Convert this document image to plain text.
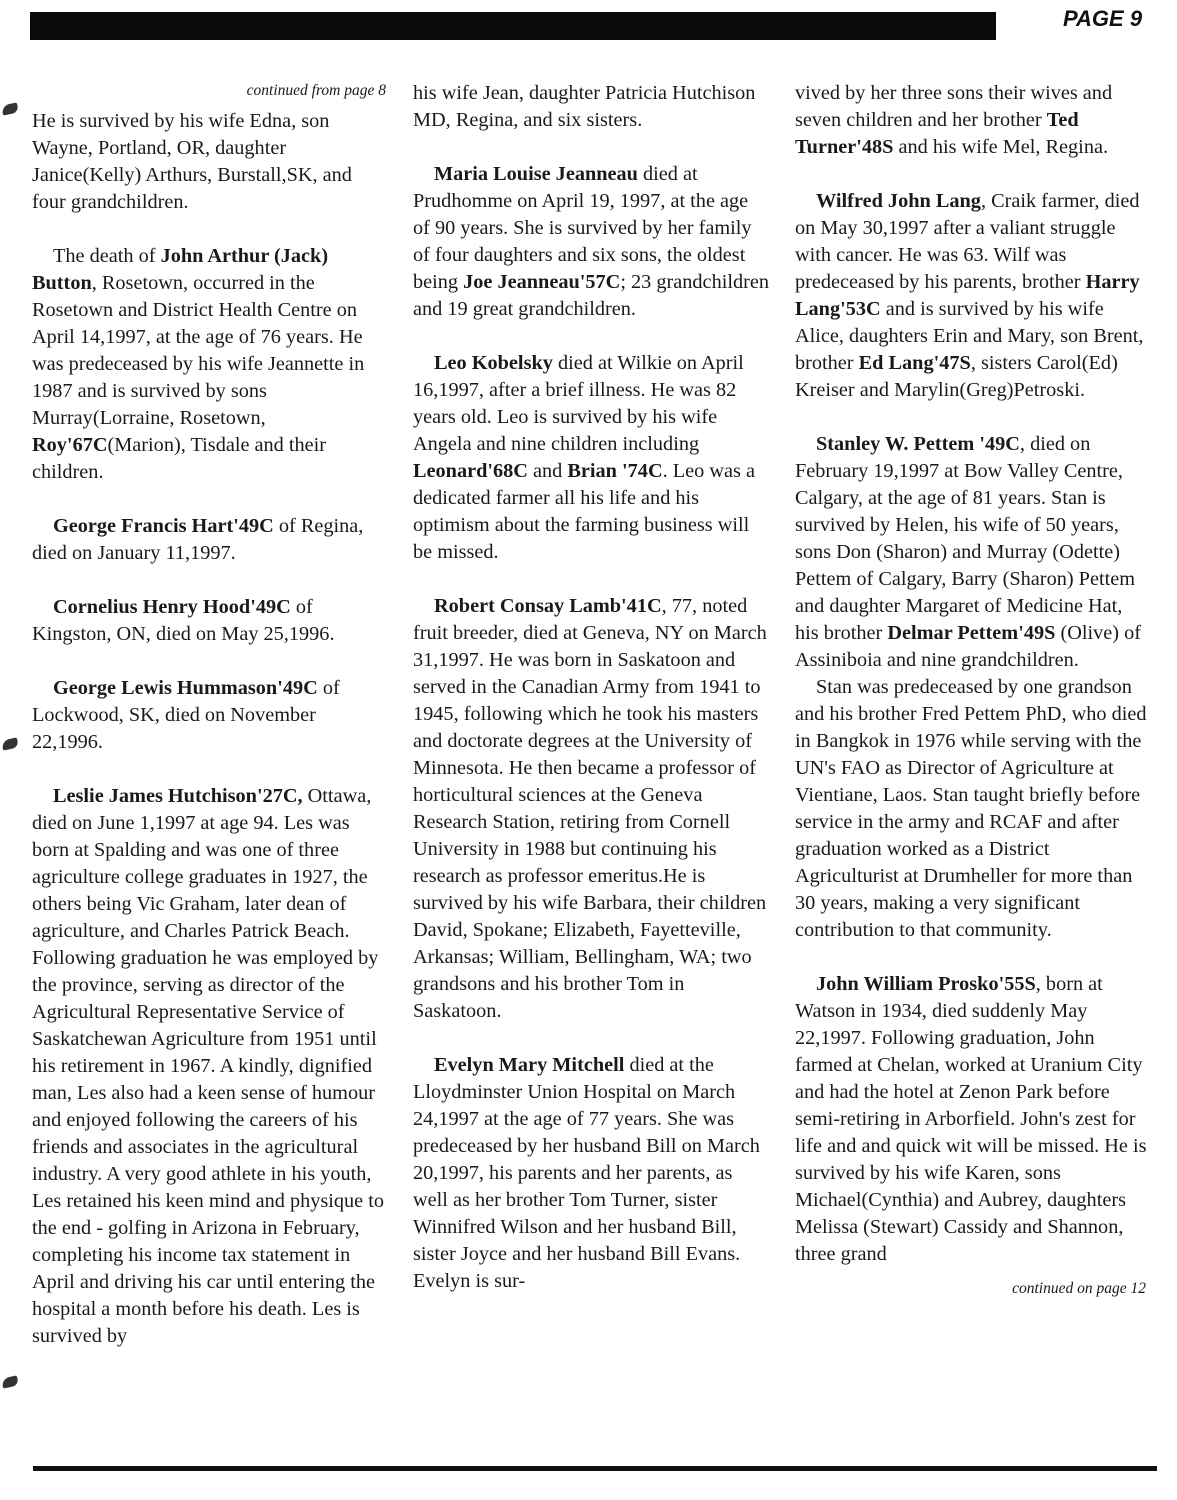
PAGE 9
continued from page 8

He is survived by his wife Edna, son Wayne, Portland, OR, daughter Janice(Kelly) Arthurs, Burstall,SK, and four grandchildren.

The death of John Arthur (Jack) Button, Rosetown, occurred in the Rosetown and District Health Centre on April 14,1997, at the age of 76 years. He was predeceased by his wife Jeannette in 1987 and is survived by sons Murray(Lorraine, Rosetown, Roy'67C(Marion), Tisdale and their children.

George Francis Hart'49C of Regina, died on January 11,1997.

Cornelius Henry Hood'49C of Kingston, ON, died on May 25,1996.

George Lewis Hummason'49C of Lockwood, SK, died on November 22,1996.

Leslie James Hutchison'27C, Ottawa, died on June 1,1997 at age 94. Les was born at Spalding and was one of three agriculture college graduates in 1927, the others being Vic Graham, later dean of agriculture, and Charles Patrick Beach. Following graduation he was employed by the province, serving as director of the Agricultural Representative Service of Saskatchewan Agriculture from 1951 until his retirement in 1967. A kindly, dignified man, Les also had a keen sense of humour and enjoyed following the careers of his friends and associates in the agricultural industry. A very good athlete in his youth, Les retained his keen mind and physique to the end - golfing in Arizona in February, completing his income tax statement in April and driving his car until entering the hospital a month before his death. Les is survived by

his wife Jean, daughter Patricia Hutchison MD, Regina, and six sisters.

Maria Louise Jeanneau died at Prudhomme on April 19, 1997, at the age of 90 years. She is survived by her family of four daughters and six sons, the oldest being Joe Jeanneau'57C; 23 grandchildren and 19 great grandchildren.

Leo Kobelsky died at Wilkie on April 16,1997, after a brief illness. He was 82 years old. Leo is survived by his wife Angela and nine children including Leonard'68C and Brian '74C. Leo was a dedicated farmer all his life and his optimism about the farming business will be missed.

Robert Consay Lamb'41C, 77, noted fruit breeder, died at Geneva, NY on March 31,1997. He was born in Saskatoon and served in the Canadian Army from 1941 to 1945, following which he took his masters and doctorate degrees at the University of Minnesota. He then became a professor of horticultural sciences at the Geneva Research Station, retiring from Cornell University in 1988 but continuing his research as professor emeritus.He is survived by his wife Barbara, their children David, Spokane; Elizabeth, Fayetteville, Arkansas; William, Bellingham, WA; two grandsons and his brother Tom in Saskatoon.

Evelyn Mary Mitchell died at the Lloydminster Union Hospital on March 24,1997 at the age of 77 years. She was predeceased by her husband Bill on March 20,1997, his parents and her parents, as well as her brother Tom Turner, sister Winnifred Wilson and her husband Bill, sister Joyce and her husband Bill Evans. Evelyn is sur-

vived by her three sons their wives and seven children and her brother Ted Turner'48S and his wife Mel, Regina.

Wilfred John Lang, Craik farmer, died on May 30,1997 after a valiant struggle with cancer. He was 63. Wilf was predeceased by his parents, brother Harry Lang'53C and is survived by his wife Alice, daughters Erin and Mary, son Brent, brother Ed Lang'47S, sisters Carol(Ed) Kreiser and Marylin(Greg)Petroski.

Stanley W. Pettem '49C, died on February 19,1997 at Bow Valley Centre, Calgary, at the age of 81 years. Stan is survived by Helen, his wife of 50 years, sons Don (Sharon) and Murray (Odette) Pettem of Calgary, Barry (Sharon) Pettem and daughter Margaret of Medicine Hat, his brother Delmar Pettem'49S (Olive) of Assiniboia and nine grandchildren.

Stan was predeceased by one grandson and his brother Fred Pettem PhD, who died in Bangkok in 1976 while serving with the UN's FAO as Director of Agriculture at Vientiane, Laos. Stan taught briefly before service in the army and RCAF and after graduation worked as a District Agriculturist at Drumheller for more than 30 years, making a very significant contribution to that community.

John William Prosko'55S, born at Watson in 1934, died suddenly May 22,1997. Following graduation, John farmed at Chelan, worked at Uranium City and had the hotel at Zenon Park before semi-retiring in Arborfield. John's zest for life and and quick wit will be missed. He is survived by his wife Karen, sons Michael(Cynthia) and Aubrey, daughters Melissa (Stewart) Cassidy and Shannon, three grand

continued on page 12
